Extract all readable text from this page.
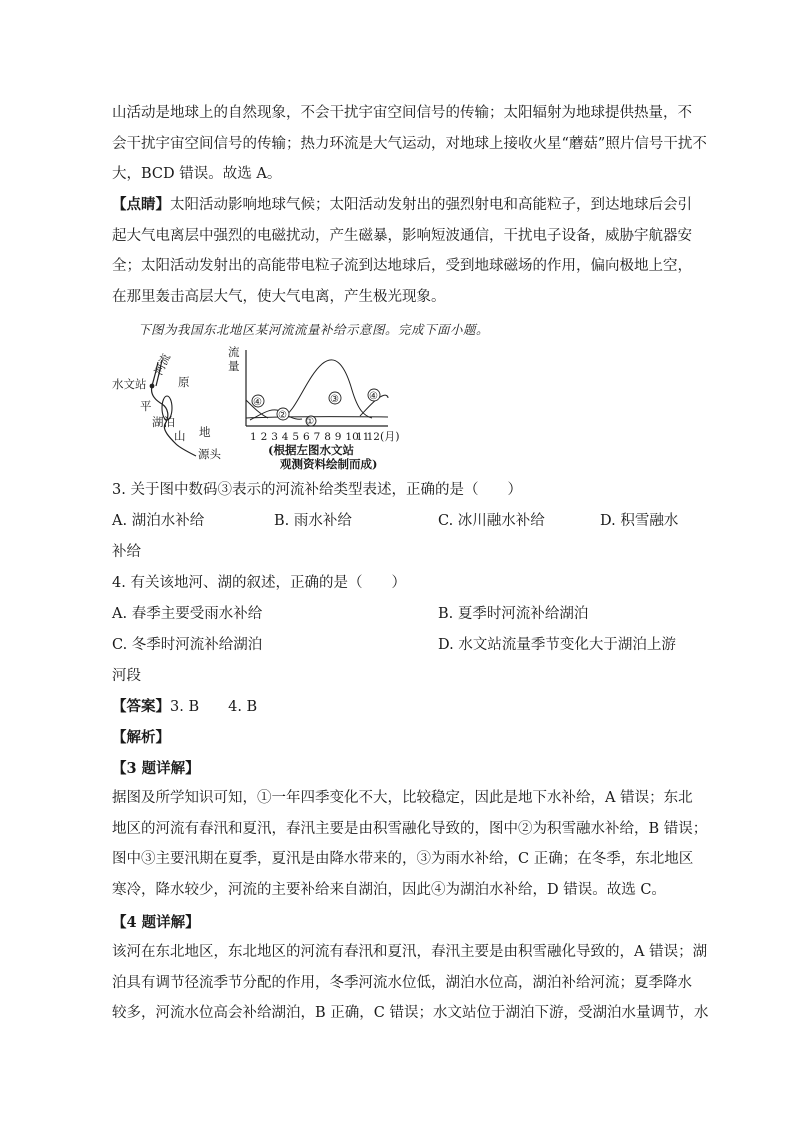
山活动是地球上的自然现象，不会干扰宇宙空间信号的传输；太阳辐射为地球提供热量，不
会干扰宇宙空间信号的传输；热力环流是大气运动，对地球上接收火星“蘑菇”照片信号干扰不
大，BCD 错误。故选 A。
【点睛】太阳活动影响地球气候；太阳活动发射出的强烈射电和高能粒子，到达地球后会引
起大气电离层中强烈的电磁扰动，产生磁暴，影响短波通信，干扰电子设备，威胁宇航器安
全；太阳活动发射出的高能带电粒子流到达地球后，受到地球磁场的作用，偏向极地上空，
在那里轰击高层大气，使大气电离，产生极光现象。
下图为我国东北地区某河流流量补给示意图。完成下面小题。
河流
水文站	原
平
湖泊
山 地
源头
流
量
④
②
①
③	④
1 2 3 4 5 6 7 8 9 10
11
12 (月)
(根据左图水文站
观测资料绘制而成)
3. 关于图中数码③表示的河流补给类型表述，正确的是（　　）
A. 湖泊水补给	B. 雨水补给	C. 冰川融水补给	D. 积雪融水
补给
4. 有关该地河、湖的叙述，正确的是（　　）
A. 春季主要受雨水补给	B. 夏季时河流补给湖泊
C. 冬季时河流补给湖泊	D. 水文站流量季节变化大于湖泊上游
河段
【答案】3. B　　4. B
【解析】
【3 题详解】
据图及所学知识可知，①一年四季变化不大，比较稳定，因此是地下水补给，A 错误；东北
地区的河流有春汛和夏汛，春汛主要是由积雪融化导致的，图中②为积雪融水补给，B 错误；
图中③主要汛期在夏季，夏汛是由降水带来的，③为雨水补给，C 正确；在冬季，东北地区
寒冷，降水较少，河流的主要补给来自湖泊，因此④为湖泊水补给，D 错误。故选 C。
【4 题详解】
该河在东北地区，东北地区的河流有春汛和夏汛，春汛主要是由积雪融化导致的，A 错误；湖
泊具有调节径流季节分配的作用，冬季河流水位低，湖泊水位高，湖泊补给河流；夏季降水
较多，河流水位高会补给湖泊，B 正确，C 错误；水文站位于湖泊下游，受湖泊水量调节，水
